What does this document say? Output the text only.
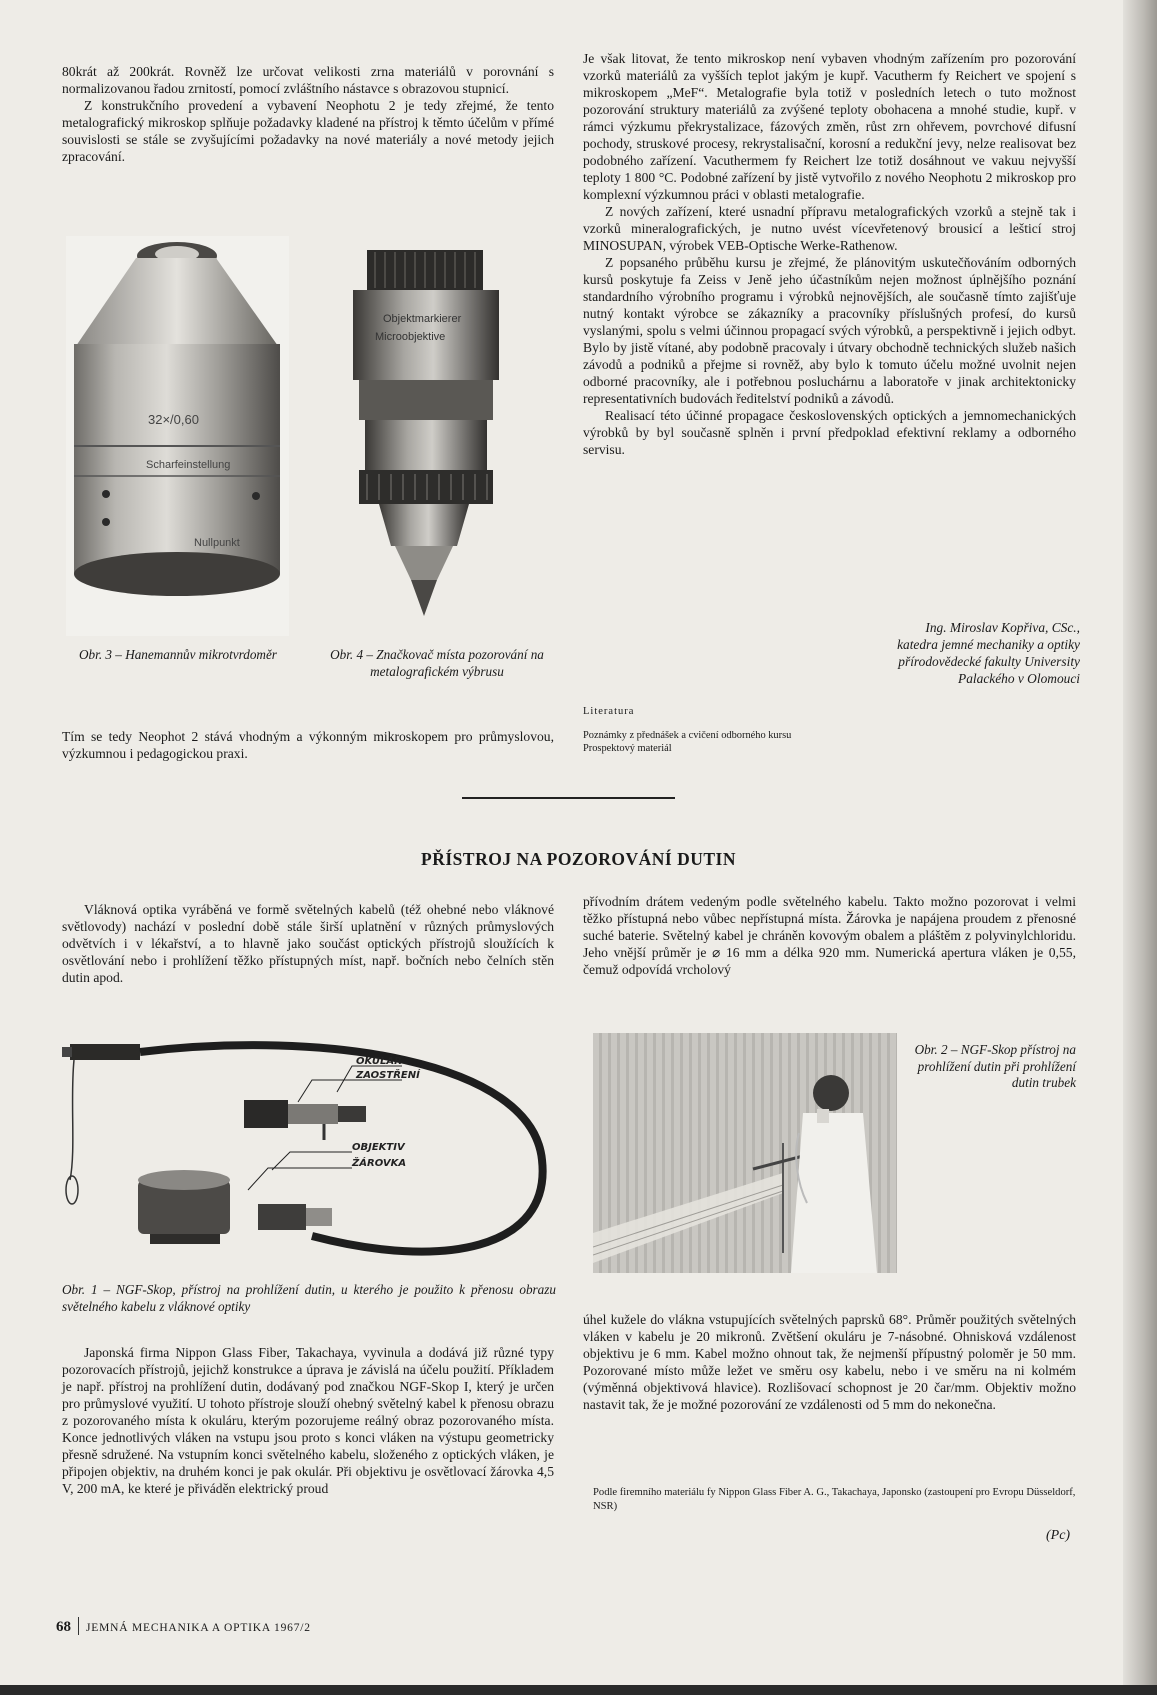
80krát až 200krát. Rovněž lze určovat velikosti zrna materiálů v porovnání s normalizovanou řadou zrnitostí, pomocí zvláštního nástavce s obrazovou stupnicí.

Z konstrukčního provedení a vybavení Neophotu 2 je tedy zřejmé, že tento metalografický mikroskop splňuje požadavky kladené na přístroj k těmto účelům v přímé souvislosti se stále se zvyšujícími požadavky na nové materiály a nové metody jejich zpracování.

32×/0,60
Scharfeinstellung
Nullpunkt
Objektmarkierer
Microobjektive
Obr. 3 – Hanemannův mikrotvrdoměr	Obr. 4 – Značkovač místa pozorování na metalografickém výbrusu
Tím se tedy Neophot 2 stává vhodným a výkonným mikroskopem pro průmyslovou, výzkumnou i pedagogickou praxi.

Je však litovat, že tento mikroskop není vybaven vhodným zařízením pro pozorování vzorků materiálů za vyšších teplot jakým je kupř. Vacutherm fy Reichert ve spojení s mikroskopem „MeF“. Metalografie byla totiž v posledních letech o tuto možnost pozorování struktury materiálů za zvýšené teploty obohacena a mnohé studie, kupř. v rámci výzkumu překrystalizace, fázových změn, růst zrn ohřevem, povrchové difusní pochody, struskové procesy, rekrystalisační, korosní a redukční jevy, nelze realisovat bez podobného zařízení. Vacuthermem fy Reichert lze totiž dosáhnout ve vakuu nejvyšší teploty 1 800 °C. Podobné zařízení by jistě vytvořilo z nového Neophotu 2 mikroskop pro komplexní výzkumnou práci v oblasti metalografie.

Z nových zařízení, které usnadní přípravu metalografických vzorků a stejně tak i vzorků mineralografických, je nutno uvést vícevřetenový brousicí a lešticí stroj MINOSUPAN, výrobek VEB-Optische Werke-Rathenow.

Z popsaného průběhu kursu je zřejmé, že plánovitým uskutečňováním odborných kursů poskytuje fa Zeiss v Jeně jeho účastníkům nejen možnost úplnějšího poznání standardního výrobního programu i výrobků nejnovějších, ale současně tímto zajišťuje nutný kontakt výrobce se zákazníky a pracovníky příslušných profesí, do kursů vyslanými, spolu s velmi účinnou propagací svých výrobků, a perspektivně i jejich odbyt. Bylo by jistě vítané, aby podobně pracovaly i útvary obchodně technických služeb našich závodů a podniků a přejme si rovněž, aby bylo k tomuto účelu možné uvolnit nejen odborné pracovníky, ale i potřebnou posluchárnu a laboratoře v jinak architektonicky representativních budovách ředitelství podniků a závodů.

Realisací této účinné propagace československých optických a jemnomechanických výrobků by byl současně splněn i první předpoklad efektivní reklamy a odborného servisu.

Ing. Miroslav Kopřiva, CSc.,
katedra jemné mechaniky a optiky
přírodovědecké fakulty University
Palackého v Olomouci
Literatura
Poznámky z přednášek a cvičení odborného kursu
Prospektový materiál
PŘÍSTROJ NA POZOROVÁNÍ DUTIN

Vláknová optika vyráběná ve formě světelných kabelů (též ohebné nebo vláknové světlovody) nachází v poslední době stále širší uplatnění v různých průmyslových odvětvích i v lékařství, a to hlavně jako součást optických přístrojů sloužících k osvětlování nebo i prohlížení těžko přístupných míst, např. bočních nebo čelních stěn dutin apod.

přívodním drátem vedeným podle světelného kabelu. Takto možno pozorovat i velmi těžko přístupná nebo vůbec nepřístupná místa. Žárovka je napájena proudem z přenosné suché baterie. Světelný kabel je chráněn kovovým obalem a pláštěm z polyvinylchloridu. Jeho vnější průměr je ⌀ 16 mm a délka 920 mm. Numerická apertura vláken je 0,55, čemuž odpovídá vrcholový

OKULÁR
ZAOSTŘENÍ
OBJEKTIV
ŽÁROVKA
Obr. 2 – NGF-Skop přístroj na prohlížení dutin při prohlížení dutin trubek
Obr. 1 – NGF-Skop, přístroj na prohlížení dutin, u kterého je použito k přenosu obrazu světelného kabelu z vláknové optiky

Japonská firma Nippon Glass Fiber, Takachaya, vyvinula a dodává již různé typy pozorovacích přístrojů, jejichž konstrukce a úprava je závislá na účelu použití. Příkladem je např. přístroj na prohlížení dutin, dodávaný pod značkou NGF-Skop I, který je určen pro průmyslové využití. U tohoto přístroje slouží ohebný světelný kabel k přenosu obrazu z pozorovaného místa k okuláru, kterým pozorujeme reálný obraz pozorovaného místa. Konce jednotlivých vláken na vstupu jsou proto s konci vláken na výstupu geometricky přesně sdružené. Na vstupním konci světelného kabelu, složeného z optických vláken, je připojen objektiv, na druhém konci je pak okulár. Při objektivu je osvětlovací žárovka 4,5 V, 200 mA, ke které je přiváděn elektrický proud

úhel kužele do vlákna vstupujících světelných paprsků 68°. Průměr použitých světelných vláken v kabelu je 20 mikronů. Zvětšení okuláru je 7-násobné. Ohnisková vzdálenost objektivu je 6 mm. Kabel možno ohnout tak, že nejmenší přípustný poloměr je 50 mm. Pozorované místo může ležet ve směru osy kabelu, nebo i ve směru na ni kolmém (výměnná objektivová hlavice). Rozlišovací schopnost je 20 čar/mm. Objektiv možno nastavit tak, že je možné pozorování ze vzdálenosti od 5 mm do nekonečna.

Podle firemního materiálu fy Nippon Glass Fiber A. G., Takachaya, Japonsko (zastoupení pro Evropu Düsseldorf, NSR)
(Pc)
68 JEMNÁ MECHANIKA A OPTIKA 1967/2
